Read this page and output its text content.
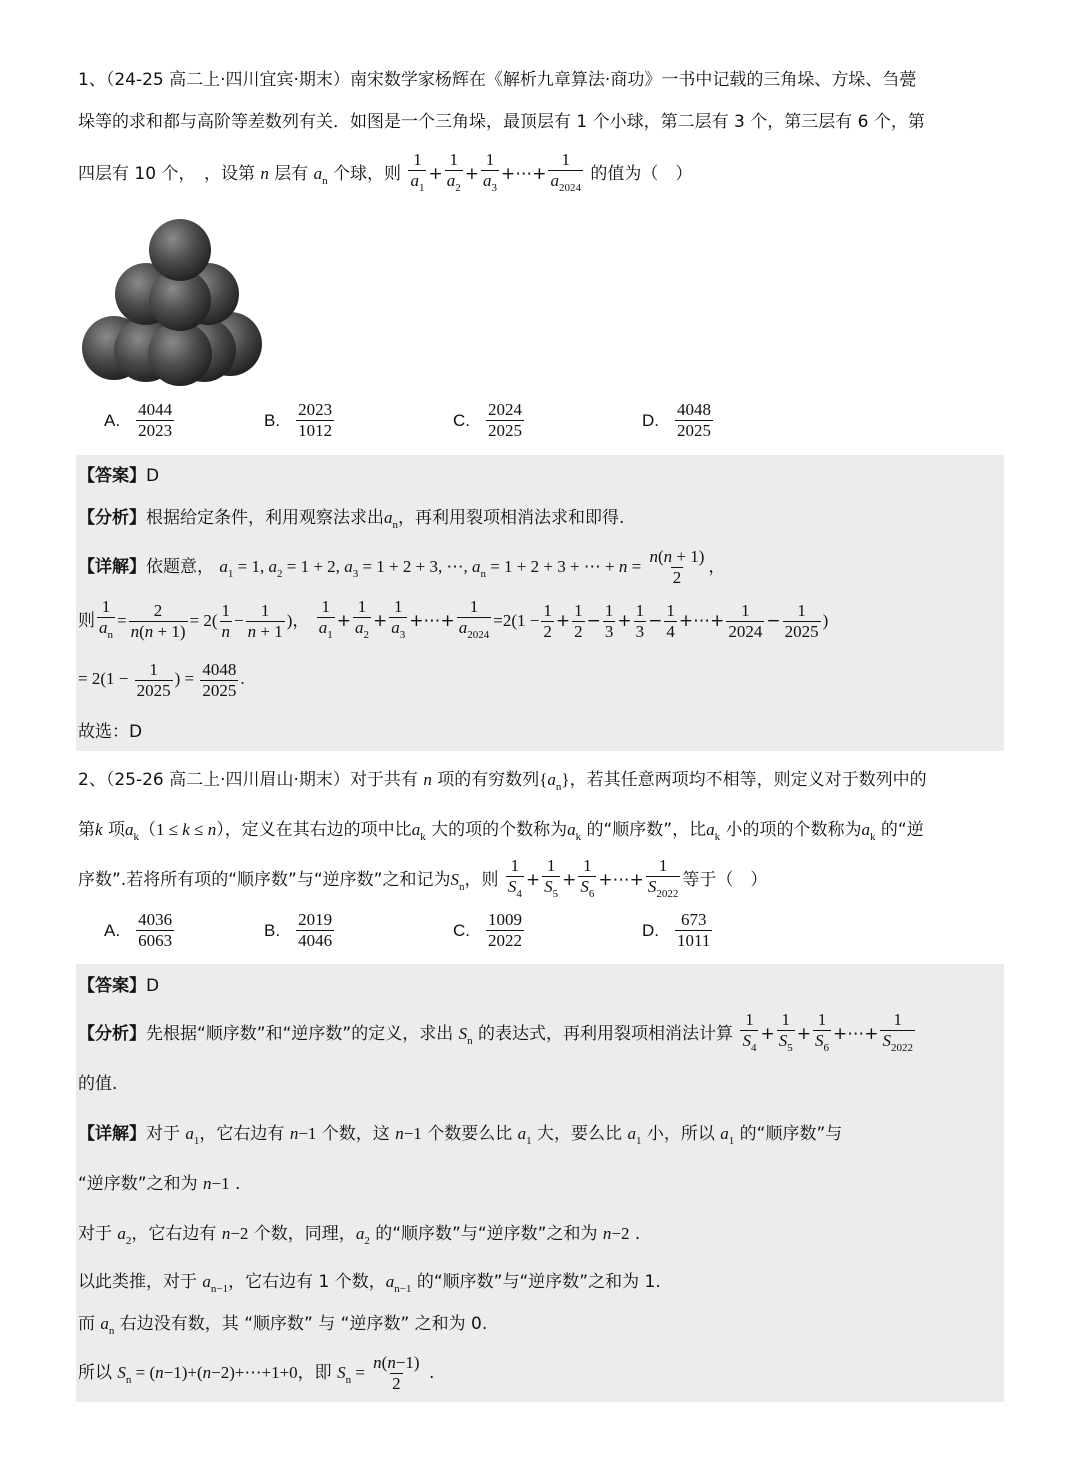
1、（24-25 高二上·四川宜宾·期末）南宋数学家杨辉在《解析九章算法·商功》一书中记载的三角垛、方垛、刍甍
垛等的求和都与高阶等差数列有关．如图是一个三角垛，最顶层有 1 个小球，第二层有 3 个，第三层有 6 个，第
四层有 10 个，　，设第 n 层有 $a_n$ 个球，则 $\frac{1}{a_1} + \frac{1}{a_2} + \frac{1}{a_3}$ +⋯+ $\frac{1}{a_{2024}}$ 的值为（　）
A. $\frac{4044}{2023}$	B. $\frac{2023}{1012}$	C. $\frac{2024}{2025}$	D. $\frac{4048}{2025}$
【答案】D
【分析】根据给定条件，利用观察法求出$a_n$，再利用裂项相消法求和即得.
【详解】依题意， $a_1 = 1$, $a_2 = 1 + 2$, $a_3 = 1 + 2 + 3$, ⋯, $a_n = 1 + 2 + 3$ + ⋯ + $n = \frac{n(n + 1)}{2}$ ，
则 $\frac{1}{a_n} = \frac{2}{n(n + 1)} = 2( \frac{1}{n} - \frac{1}{n + 1}$ )， $\frac{1}{a_1} + \frac{1}{a_2} + \frac{1}{a_3}$ +⋯+ $\frac{1}{a_{2024}} =2(1 - \frac{1}{2} + \frac{1}{2} - \frac{1}{3} + \frac{1}{3} - \frac{1}{4}$ +⋯+ $\frac{1}{2024} - \frac{1}{2025}$ )
= $2(1 - \frac{1}{2025}$ ) = $\frac{4048}{2025}$ .
故选：D
2、（25-26 高二上·四川眉山·期末）对于共有 n 项的有穷数列$\{a_n\}$，若其任意两项均不相等，则定义对于数列中的
第k 项$a_k(1 \le k \le n)$，定义在其右边的项中比$a_k$ 大的项的个数称为$a_k$ 的“顺序数”，比$a_k$ 小的项的个数称为$a_k$ 的“逆
序数”.若将所有项的“顺序数”与“逆序数”之和记为$S_n$，则 $\frac{1}{S_4} + \frac{1}{S_5} + \frac{1}{S_6}$ +⋯+ $\frac{1}{S_{2022}}$ 等于（　）
A. $\frac{4036}{6063}$	B. $\frac{2019}{4046}$	C. $\frac{1009}{2022}$	D. $\frac{673}{1011}$
【答案】D
【分析】先根据“顺序数”和“逆序数”的定义，求出 $S_n$ 的表达式，再利用裂项相消法计算 $\frac{1}{S_4} + \frac{1}{S_5} + \frac{1}{S_6}$ +⋯+ $\frac{1}{S_{2022}}$
的值.
【详解】对于 $a_1$，它右边有 n−1 个数，这 n−1 个数要么比 $a_1$ 大，要么比 $a_1$ 小，所以 $a_1$ 的“顺序数”与
“逆序数”之和为 n−1 .
对于 $a_2$，它右边有 n−2 个数，同理，$a_2$ 的“顺序数”与“逆序数”之和为 n−2 .
以此类推，对于 $a_{n-1}$，它右边有 1 个数，$a_{n-1}$ 的“顺序数”与“逆序数”之和为 1.
而 $a_n$ 右边没有数，其 “顺序数” 与 “逆序数” 之和为 0.
所以 $S_n$ = (n−1)+(n−2)+⋯+1+0，即 $S_n = \frac{n(n-1)}{2}$ .
